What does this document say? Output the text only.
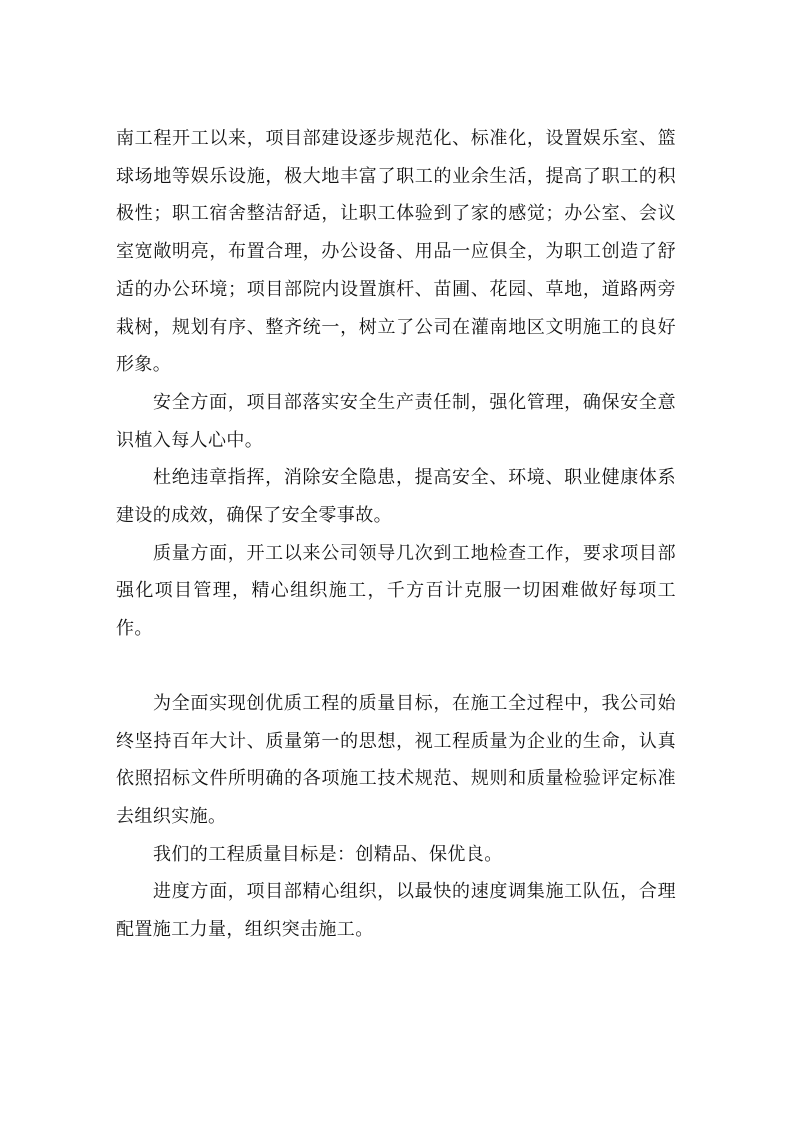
南工程开工以来，项目部建设逐步规范化、标准化，设置娱乐室、篮球场地等娱乐设施，极大地丰富了职工的业余生活，提高了职工的积极性；职工宿舍整洁舒适，让职工体验到了家的感觉；办公室、会议室宽敞明亮，布置合理，办公设备、用品一应俱全，为职工创造了舒适的办公环境；项目部院内设置旗杆、苗圃、花园、草地，道路两旁栽树，规划有序、整齐统一，树立了公司在灌南地区文明施工的良好形象。

安全方面，项目部落实安全生产责任制，强化管理，确保安全意识植入每人心中。

杜绝违章指挥，消除安全隐患，提高安全、环境、职业健康体系建设的成效，确保了安全零事故。

质量方面，开工以来公司领导几次到工地检查工作，要求项目部强化项目管理，精心组织施工，千方百计克服一切困难做好每项工作。

为全面实现创优质工程的质量目标，在施工全过程中，我公司始终坚持百年大计、质量第一的思想，视工程质量为企业的生命，认真依照招标文件所明确的各项施工技术规范、规则和质量检验评定标准去组织实施。

我们的工程质量目标是：创精品、保优良。

进度方面，项目部精心组织，以最快的速度调集施工队伍，合理配置施工力量，组织突击施工。
